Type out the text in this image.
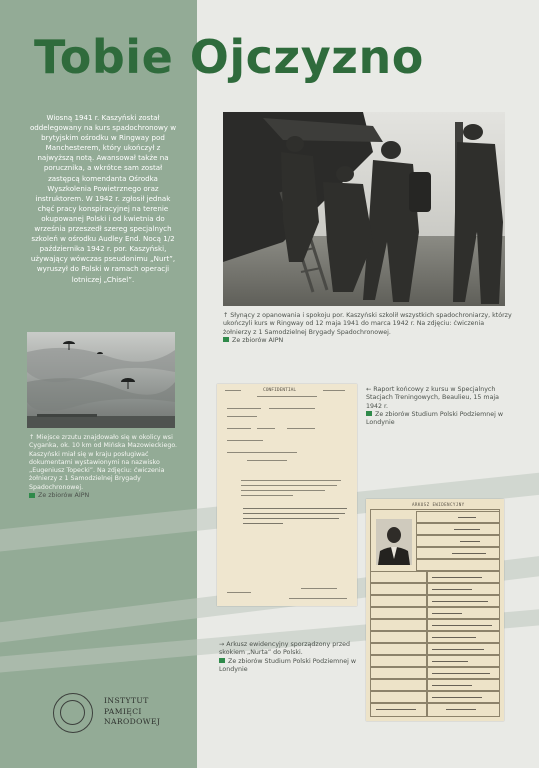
Tobie Ojczyzno
Wiosną 1941 r. Kaszyński został oddelegowany na kurs spadochronowy w brytyjskim ośrodku w Ringway pod Manchesterem, który ukończył z najwyższą notą. Awansował także na porucznika, a wkrótce sam został zastępcą komendanta Ośrodka Wyszkolenia Powietrznego oraz instruktorem. W 1942 r. zgłosił jednak chęć pracy konspiracyjnej na terenie okupowanej Polski i od kwietnia do września przeszedł szereg specjalnych szkoleń w ośrodku Audley End. Nocą 1/2 października 1942 r. por. Kaszyński, używający wówczas pseudonimu „Nurt”, wyruszył do Polski w ramach operacji lotniczej „Chisel”.
↑ Słynący z opanowania i spokoju por. Kaszyński szkolił wszystkich spadochroniarzy, którzy ukończyli kurs w Ringway od 12 maja 1941 do marca 1942 r. Na zdjęciu: ćwiczenia żołnierzy z 1 Samodzielnej Brygady Spadochronowej.
Ze zbiorów AIPN
↑ Miejsce zrzutu znajdowało się w okolicy wsi Cyganka, ok. 10 km od Mińska Mazowieckiego. Kaszyński miał się w kraju posługiwać dokumentami wystawionymi na nazwisko „Eugeniusz Topecki”. Na zdjęciu: ćwiczenia żołnierzy z 1 Samodzielnej Brygady Spadochronowej.
Ze zbiorów AIPN
CONFIDENTIAL	← Raport końcowy z kursu w Specjalnych Stacjach Treningowych, Beaulieu, 15 maja 1942 r.
Ze zbiorów Studium Polski Podziemnej w Londynie
ARKUSZ EWIDENCYJNY
→ Arkusz ewidencyjny sporządzony przed skokiem „Nurta” do Polski.
Ze zbiorów Studium Polski Podziemnej w Londynie
INSTYTUT
PAMIĘCI
NARODOWEJ
